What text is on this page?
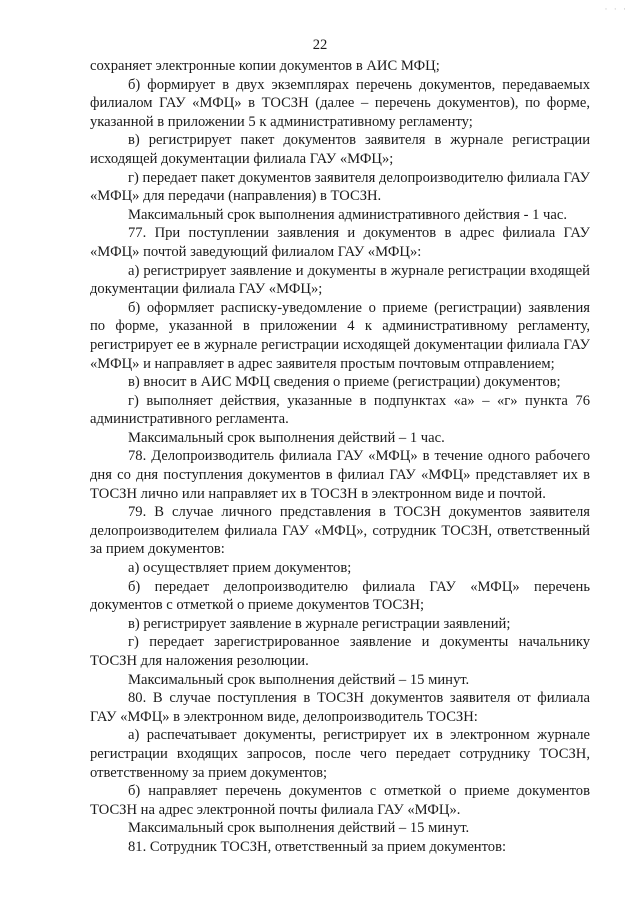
· · ·
22

сохраняет электронные копии документов в АИС МФЦ;

б) формирует в двух экземплярах перечень документов, передаваемых филиалом ГАУ «МФЦ» в ТОСЗН (далее – перечень документов), по форме, указанной в приложении 5 к административному регламенту;

в) регистрирует пакет документов заявителя в журнале регистрации исходящей документации филиала ГАУ «МФЦ»;

г) передает пакет документов заявителя делопроизводителю филиала ГАУ «МФЦ» для передачи (направления) в ТОСЗН.

Максимальный срок выполнения административного действия - 1 час.

77. При поступлении заявления и документов в адрес филиала ГАУ «МФЦ» почтой заведующий филиалом ГАУ «МФЦ»:

а) регистрирует заявление и документы в журнале регистрации входящей документации филиала ГАУ «МФЦ»;

б) оформляет расписку-уведомление о приеме (регистрации) заявления по форме, указанной в приложении 4 к административному регламенту, регистрирует ее в журнале регистрации исходящей документации филиала ГАУ «МФЦ» и направляет в адрес заявителя простым почтовым отправлением;

в) вносит в АИС МФЦ сведения о приеме (регистрации) документов;

г) выполняет действия, указанные в подпунктах «а» – «г» пункта 76 административного регламента.

Максимальный срок выполнения действий – 1 час.

78. Делопроизводитель филиала ГАУ «МФЦ» в течение одного рабочего дня со дня поступления документов в филиал ГАУ «МФЦ» представляет их в ТОСЗН лично или направляет их в ТОСЗН в электронном виде и почтой.

79. В случае личного представления в ТОСЗН документов заявителя делопроизводителем филиала ГАУ «МФЦ», сотрудник ТОСЗН, ответственный за прием документов:

а) осуществляет прием документов;

б) передает делопроизводителю филиала ГАУ «МФЦ» перечень документов с отметкой о приеме документов ТОСЗН;

в) регистрирует заявление в журнале регистрации заявлений;

г) передает зарегистрированное заявление и документы начальнику ТОСЗН для наложения резолюции.

Максимальный срок выполнения действий – 15 минут.

80. В случае поступления в ТОСЗН документов заявителя от филиала ГАУ «МФЦ» в электронном виде, делопроизводитель ТОСЗН:

а) распечатывает документы, регистрирует их в электронном журнале регистрации входящих запросов, после чего передает сотруднику ТОСЗН, ответственному за прием документов;

б) направляет перечень документов с отметкой о приеме документов ТОСЗН на адрес электронной почты филиала ГАУ «МФЦ».

Максимальный срок выполнения действий – 15 минут.

81. Сотрудник ТОСЗН, ответственный за прием документов:
